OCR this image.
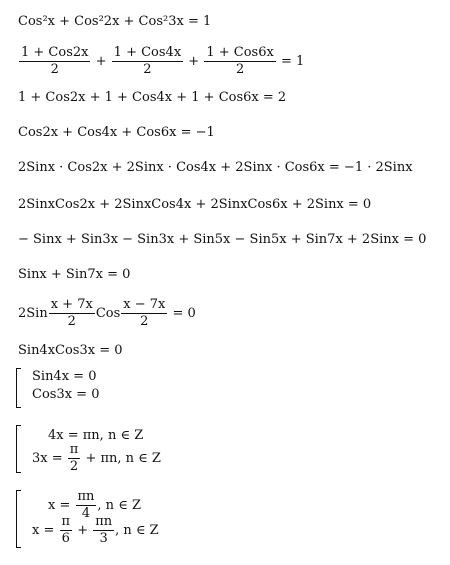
Cos²x + Cos²2x + Cos²3x = 1
$\frac{\text{1 + Cos2x}}{2} + \frac{\text{1 + Cos4x}}{2} + \frac{\text{1 + Cos6x}}{2} = 1$
1 + Cos2x + 1 + Cos4x + 1 + Cos6x = 2
Cos2x + Cos4x + Cos6x = −1
2Sinx · Cos2x + 2Sinx · Cos4x + 2Sinx · Cos6x = −1 · 2Sinx
2SinxCos2x + 2SinxCos4x + 2SinxCos6x + 2Sinx = 0
− Sinx + Sin3x − Sin3x + Sin5x − Sin5x + Sin7x + 2Sinx = 0
Sinx + Sin7x = 0
$2Sin \frac{x + 7x}{2}$ Cos $\frac{x - 7x}{2} = 0$
Sin4xCos3x = 0
Sin4x = 0
Cos3x = 0
4x = πn, n ∈ Z
$3x = \frac{\pi}{2} + \pi n$, n ∈ Z
$x = \frac{\pi n}{4}$ , n ∈ Z
$x = \frac{\pi}{6} + \frac{\pi n}{3}$ , n ∈ Z
